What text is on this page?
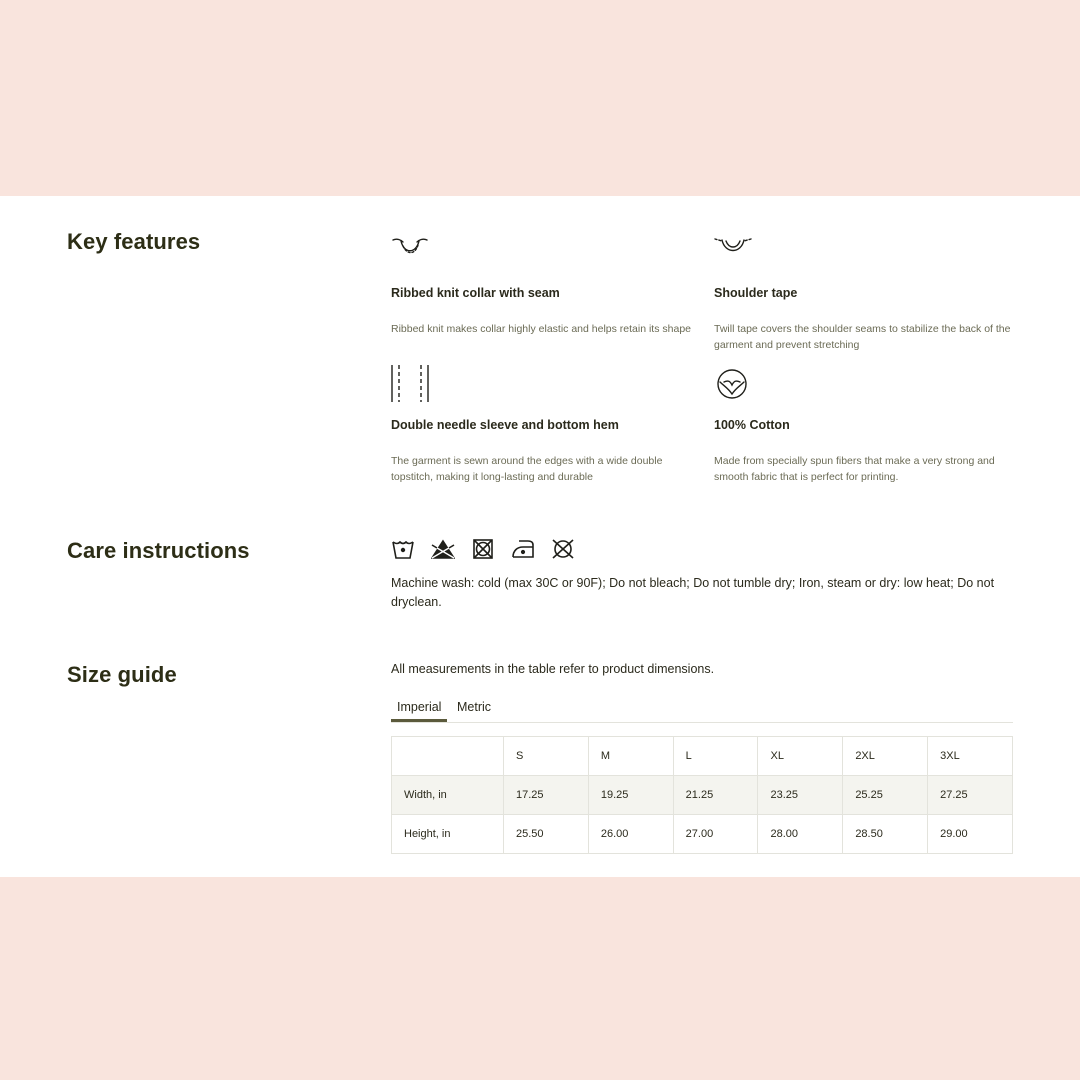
Key features
Ribbed knit collar with seam
Ribbed knit makes collar highly elastic and helps retain its shape
Shoulder tape
Twill tape covers the shoulder seams to stabilize the back of the garment and prevent stretching
Double needle sleeve and bottom hem
The garment is sewn around the edges with a wide double topstitch, making it long-lasting and durable
100% Cotton
Made from specially spun fibers that make a very strong and smooth fabric that is perfect for printing.
Care instructions

Machine wash: cold (max 30C or 90F); Do not bleach; Do not tumble dry; Iron, steam or dry: low heat; Do not dryclean.

Size guide	All measurements in the table refer to product dimensions.

Imperial	Metric
	S	M	L	XL	2XL	3XL
Width, in	17.25	19.25	21.25	23.25	25.25	27.25
Height, in	25.50	26.00	27.00	28.00	28.50	29.00
